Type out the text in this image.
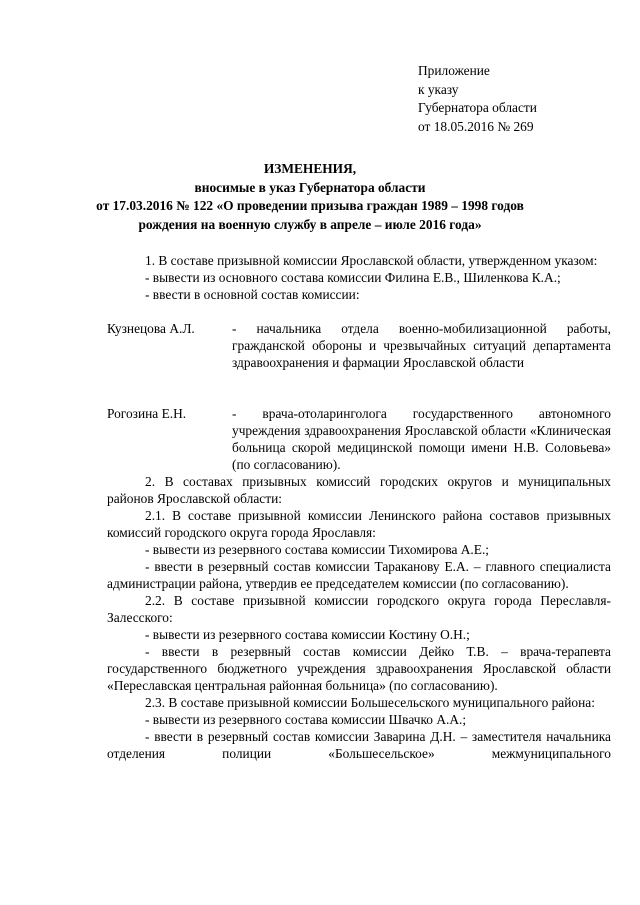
Приложение
к указу
Губернатора области
от 18.05.2016 № 269
ИЗМЕНЕНИЯ,
вносимые в указ Губернатора области
от 17.03.2016 № 122 «О проведении призыва граждан 1989 – 1998 годов
рождения на военную службу в апреле – июле 2016 года»

1. В составе призывной комиссии Ярославской области, утвержденном указом:

- вывести из основного состава комиссии Филина Е.В., Шиленкова К.А.;

- ввести в основной состав комиссии:

Кузнецова А.Л.	- начальника отдела военно-мобилизационной работы, гражданской обороны и чрезвычайных ситуаций департамента здравоохранения и фармации Ярославской области

Рогозина Е.Н.	- врача-отоларинголога государственного автономного учреждения здравоохранения Ярославской области «Клиническая больница скорой медицинской помощи имени Н.В. Соловьева» (по согласованию).

2. В составах призывных комиссий городских округов и муниципальных районов Ярославской области:

2.1. В составе призывной комиссии Ленинского района составов призывных комиссий городского округа города Ярославля:

- вывести из резервного состава комиссии Тихомирова А.Е.;

- ввести в резервный состав комиссии Тараканову Е.А. – главного специалиста администрации района, утвердив ее председателем комиссии (по согласованию).

2.2. В составе призывной комиссии городского округа города Переславля-Залесского:

- вывести из резервного состава комиссии Костину О.Н.;

- ввести в резервный состав комиссии Дейко Т.В. – врача-терапевта государственного бюджетного учреждения здравоохранения Ярославской области «Переславская центральная районная больница» (по согласованию).

2.3. В составе призывной комиссии Большесельского муниципального района:

- вывести из резервного состава комиссии Швачко А.А.;

- ввести в резервный состав комиссии Заварина Д.Н. – заместителя начальника отделения полиции «Большесельское» межмуниципального
